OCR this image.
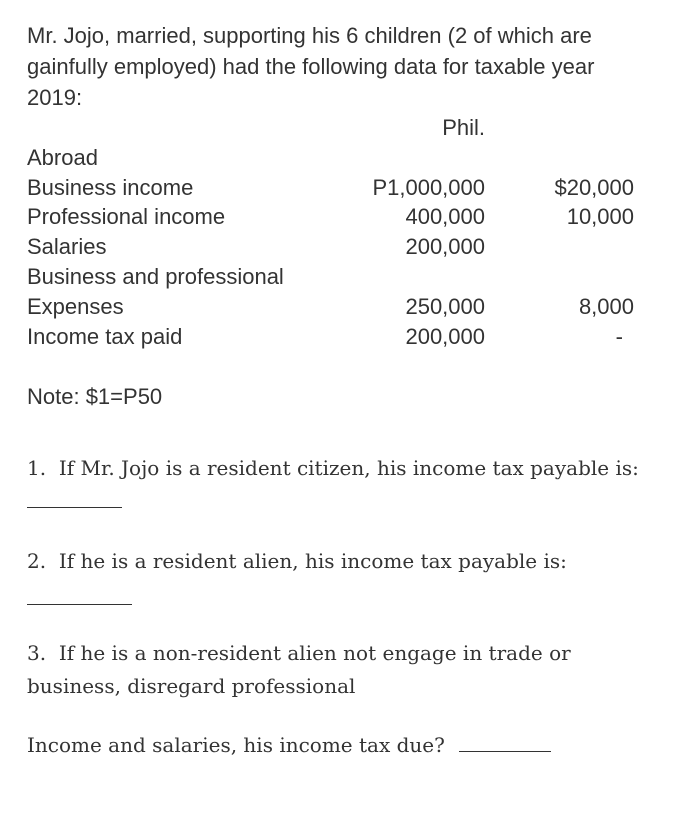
Mr. Jojo, married, supporting his 6 children (2 of which are gainfully employed) had the following data for taxable year 2019:
Phil.
Abroad
Business income	P1,000,000	$20,000
Professional income	400,000	10,000
Salaries	200,000
Business and professional
Expenses	250,000	8,000
Income tax paid	200,000	-
Note: $1=P50
1. If Mr. Jojo is a resident citizen, his income tax payable is:
2. If he is a resident alien, his income tax payable is:
3. If he is a non-resident alien not engage in trade or business, disregard professional
Income and salaries, his income tax due?
